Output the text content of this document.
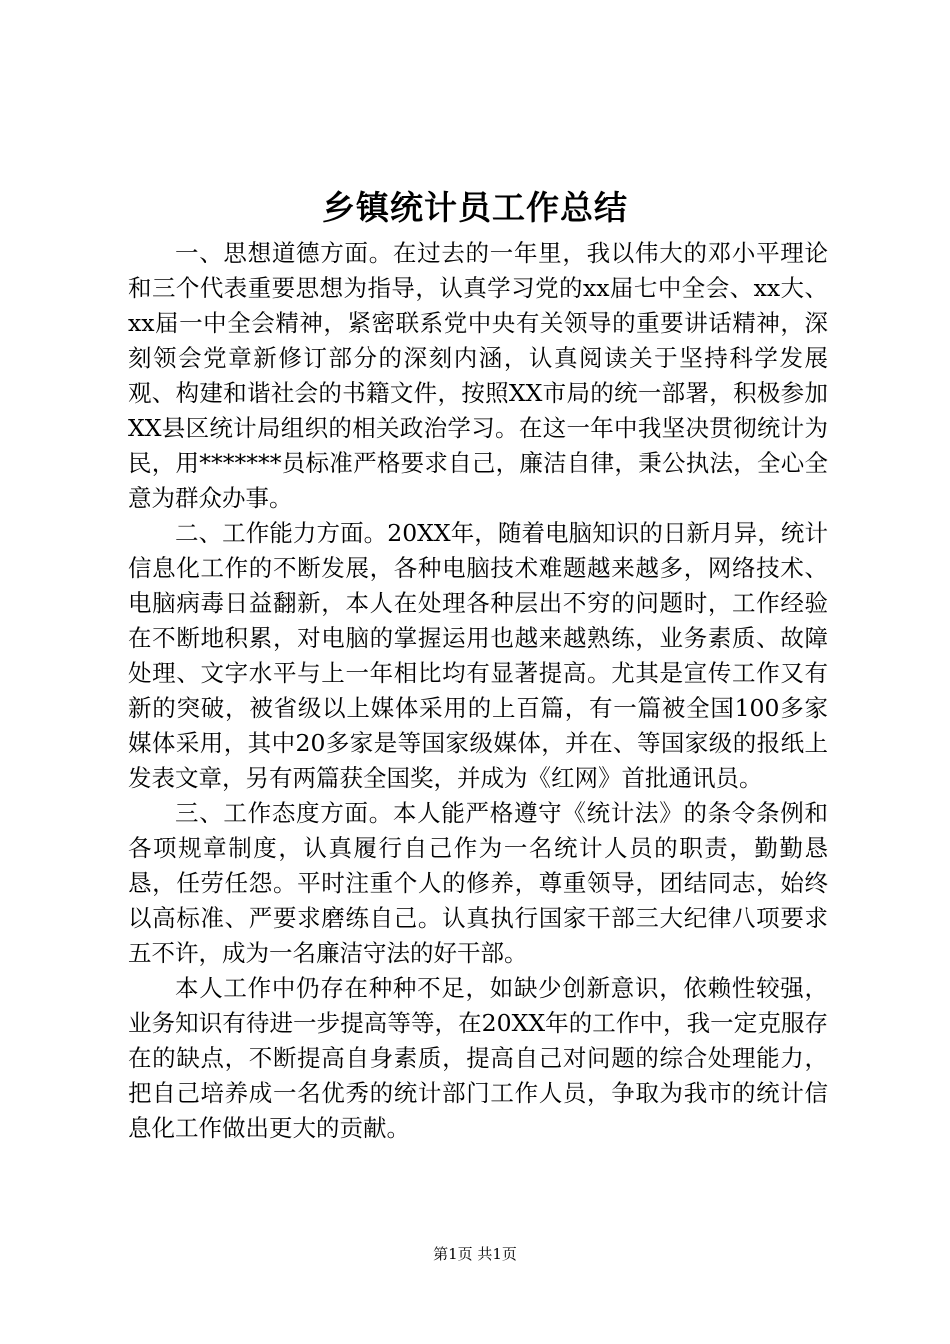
乡镇统计员工作总结

一、思想道德方面。在过去的一年里，我以伟大的邓小平理论和三个代表重要思想为指导，认真学习党的xx届七中全会、xx大、xx届一中全会精神，紧密联系党中央有关领导的重要讲话精神，深刻领会党章新修订部分的深刻内涵，认真阅读关于坚持科学发展观、构建和谐社会的书籍文件，按照XX市局的统一部署，积极参加XX县区统计局组织的相关政治学习。在这一年中我坚决贯彻统计为民，用*******员标准严格要求自己，廉洁自律，秉公执法，全心全意为群众办事。

二、工作能力方面。20XX年，随着电脑知识的日新月异，统计信息化工作的不断发展，各种电脑技术难题越来越多，网络技术、电脑病毒日益翻新，本人在处理各种层出不穷的问题时，工作经验在不断地积累，对电脑的掌握运用也越来越熟练，业务素质、故障处理、文字水平与上一年相比均有显著提高。尤其是宣传工作又有新的突破，被省级以上媒体采用的上百篇，有一篇被全国100多家媒体采用，其中20多家是等国家级媒体，并在、等国家级的报纸上发表文章，另有两篇获全国奖，并成为《红网》首批通讯员。

三、工作态度方面。本人能严格遵守《统计法》的条令条例和各项规章制度，认真履行自己作为一名统计人员的职责，勤勤恳恳，任劳任怨。平时注重个人的修养，尊重领导，团结同志，始终以高标准、严要求磨练自己。认真执行国家干部三大纪律八项要求五不许，成为一名廉洁守法的好干部。

本人工作中仍存在种种不足，如缺少创新意识，依赖性较强，业务知识有待进一步提高等等，在20XX年的工作中，我一定克服存在的缺点，不断提高自身素质，提高自己对问题的综合处理能力，把自己培养成一名优秀的统计部门工作人员，争取为我市的统计信息化工作做出更大的贡献。

第1页 共1页
